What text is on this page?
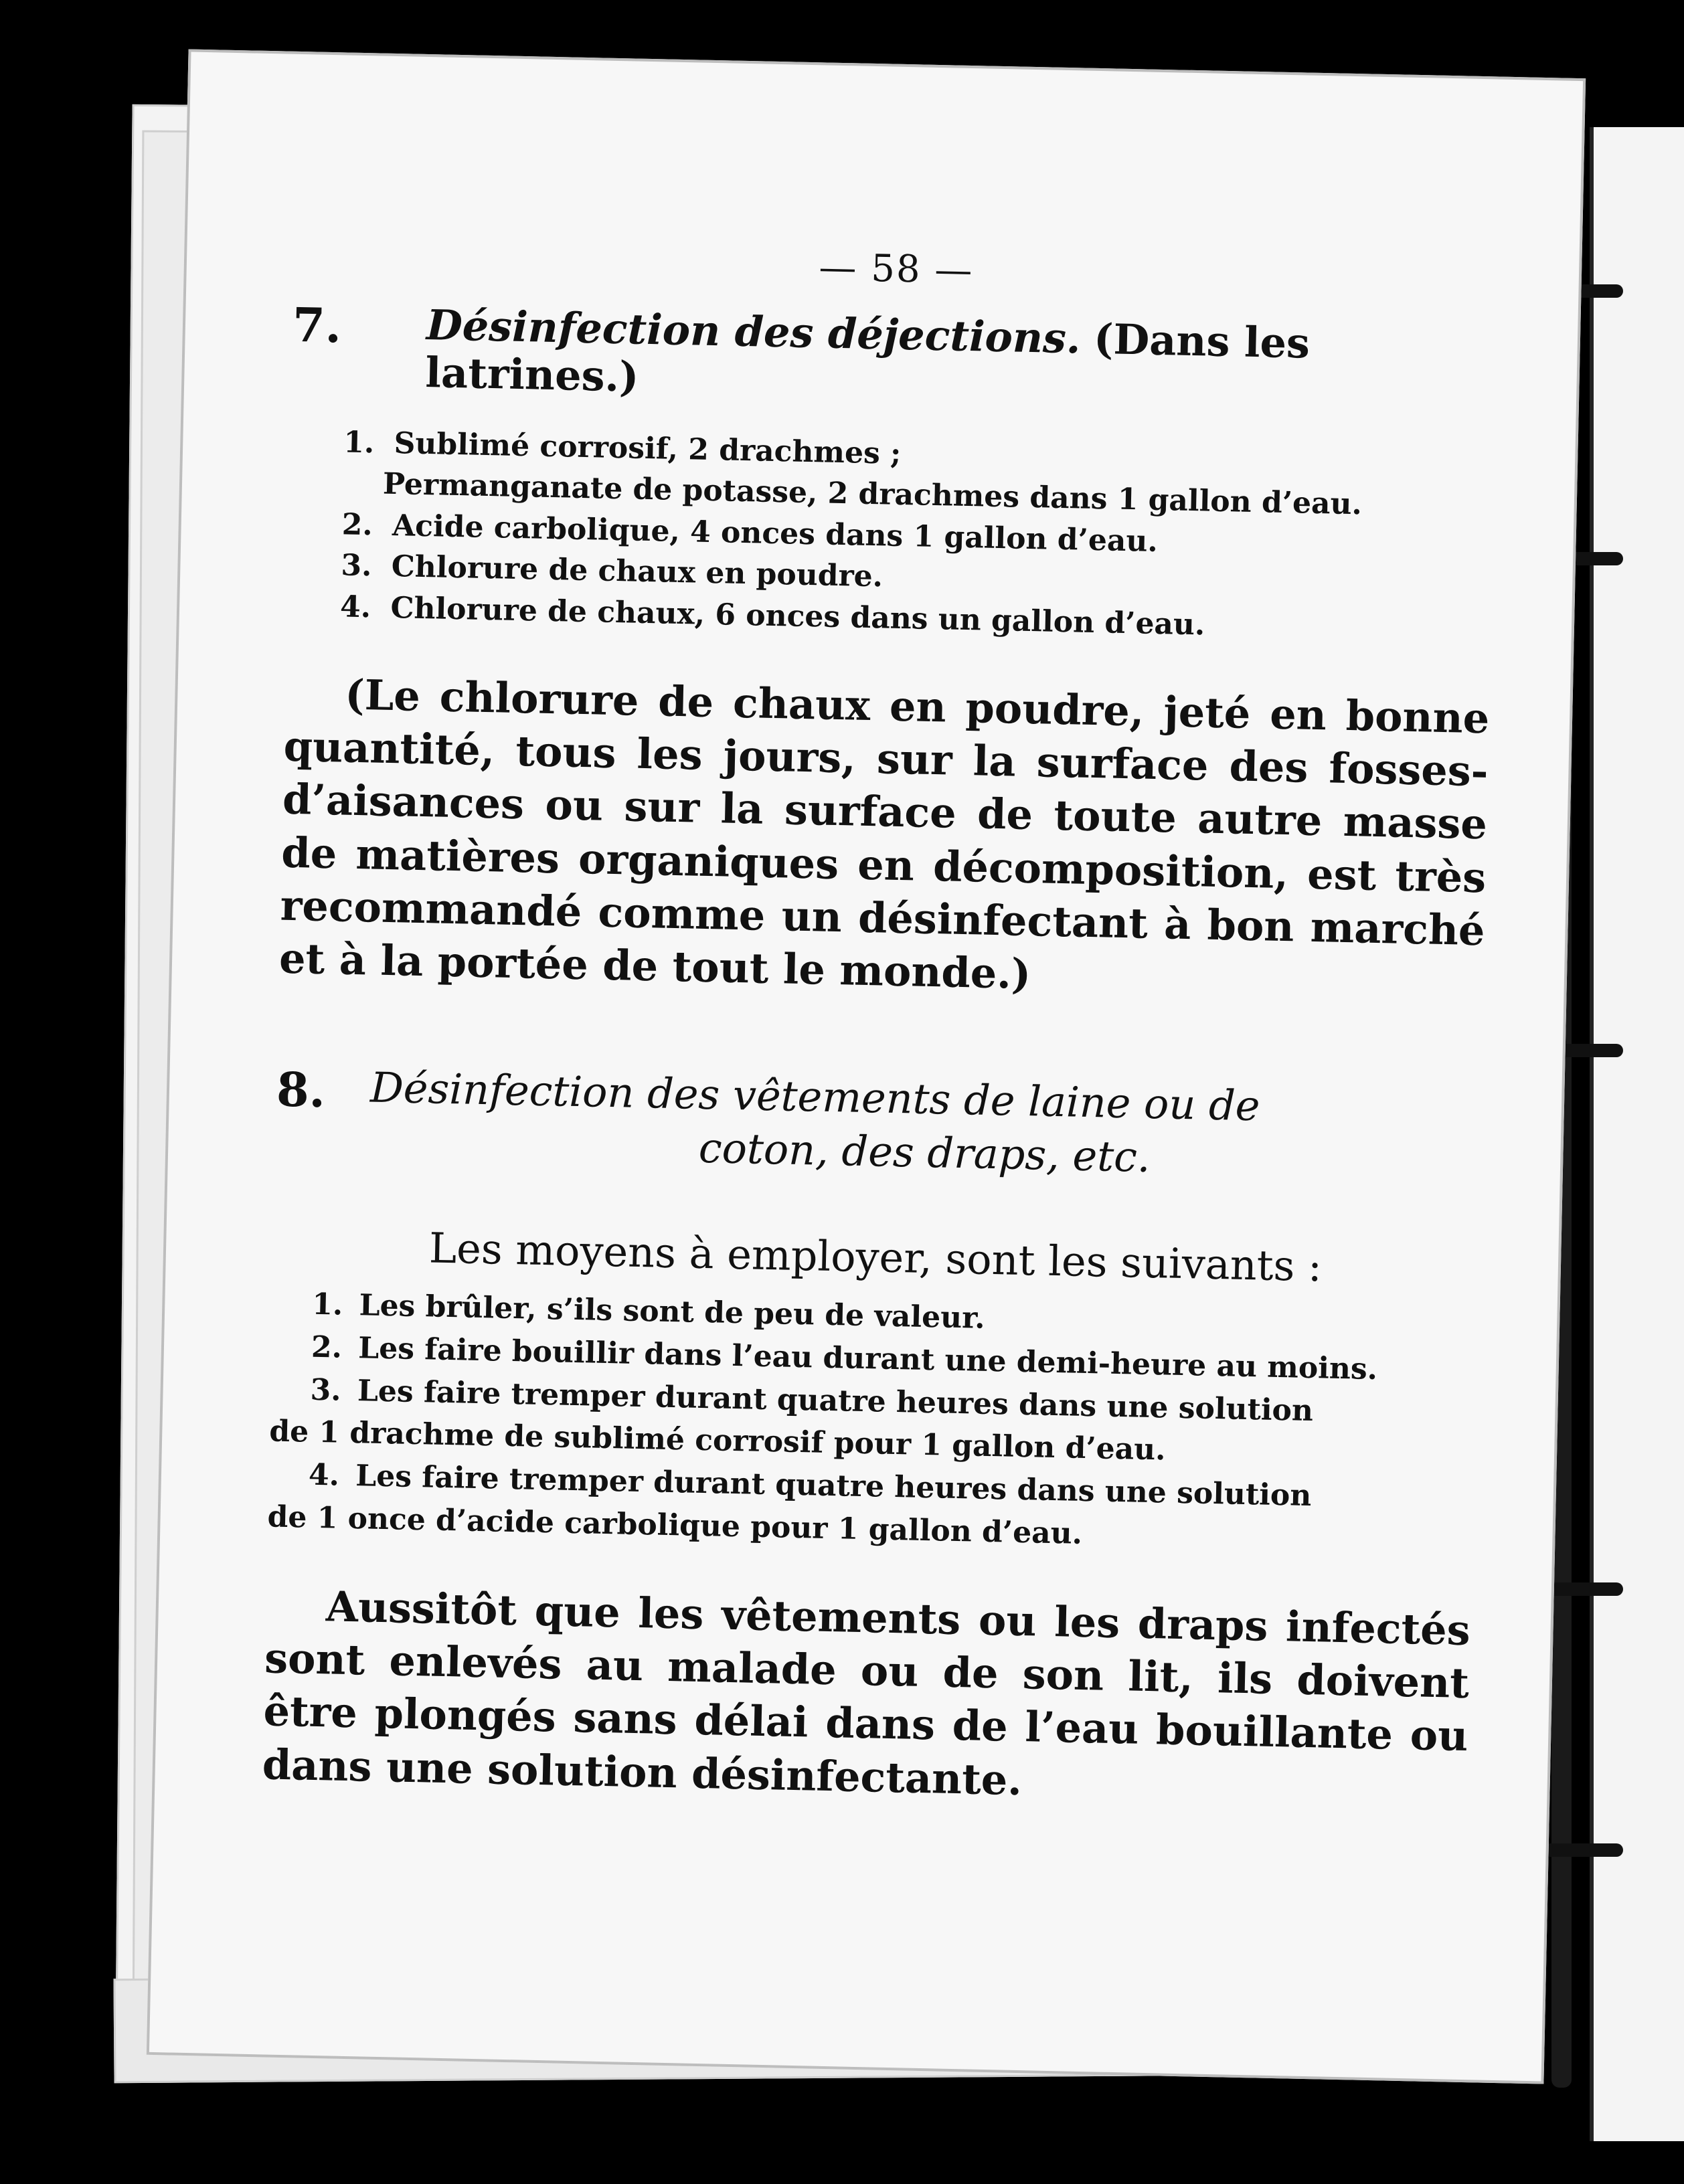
— 58 —
7. Désinfection des déjections. (Dans les latrines.)
1. Sublimé corrosif, 2 drachmes ;
Permanganate de potasse, 2 drachmes dans 1 gallon d’eau.
2. Acide carbolique, 4 onces dans 1 gallon d’eau.
3. Chlorure de chaux en poudre.
4. Chlorure de chaux, 6 onces dans un gallon d’eau.

(Le chlorure de chaux en poudre, jeté en bonne quantité, tous les jours, sur la surface des fosses-d’aisances ou sur la surface de toute autre masse de matières organiques en décomposition, est très recommandé comme un désinfectant à bon marché et à la portée de tout le monde.)

8. Désinfection des vêtements de laine ou de
coton, des draps, etc.

Les moyens à employer, sont les suivants :

1. Les brûler, s’ils sont de peu de valeur.
2. Les faire bouillir dans l’eau durant une demi-heure au moins.
3. Les faire tremper durant quatre heures dans une solution
de 1 drachme de sublimé corrosif pour 1 gallon d’eau.
4. Les faire tremper durant quatre heures dans une solution
de 1 once d’acide carbolique pour 1 gallon d’eau.

Aussitôt que les vêtements ou les draps infectés sont enlevés au malade ou de son lit, ils doivent être plongés sans délai dans de l’eau bouillante ou dans une solution désinfectante.
